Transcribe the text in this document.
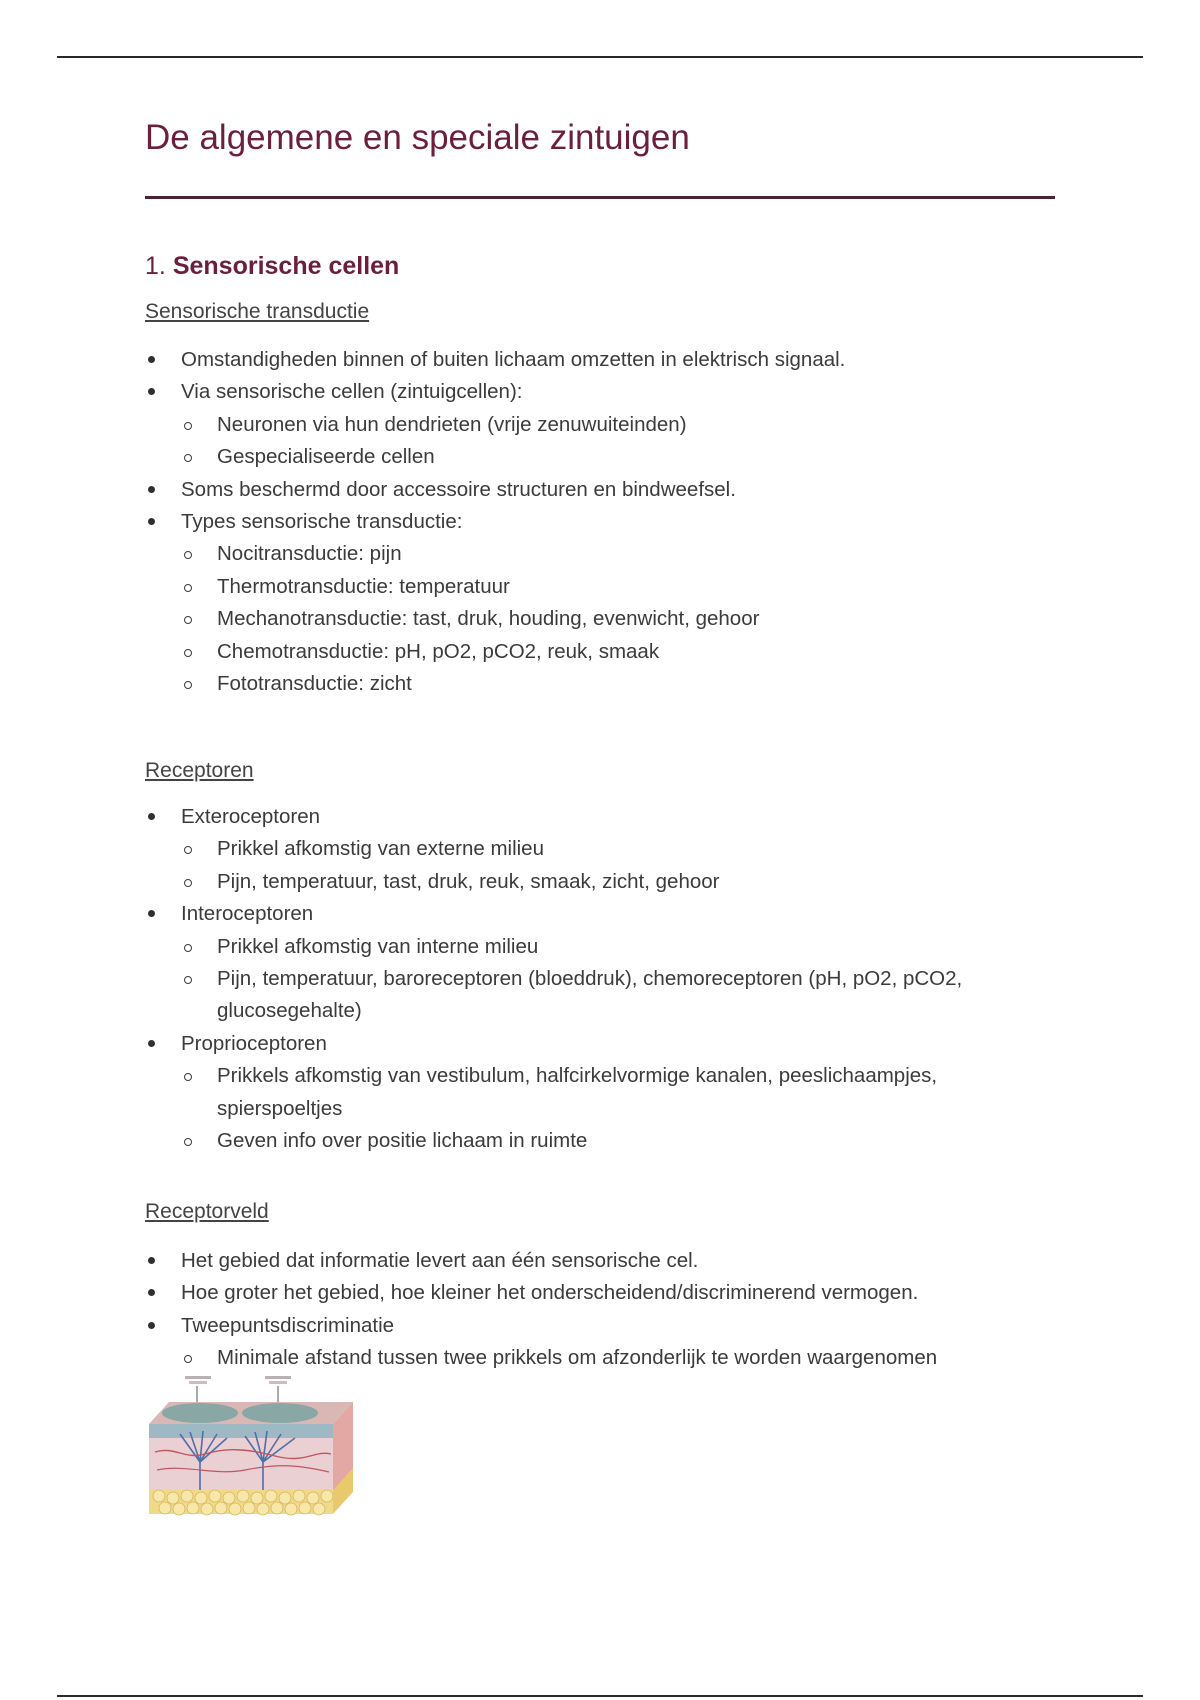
De algemene en speciale zintuigen
1. Sensorische cellen
Sensorische transductie
Omstandigheden binnen of buiten lichaam omzetten in elektrisch signaal.
Via sensorische cellen (zintuigcellen):
Neuronen via hun dendrieten (vrije zenuwuiteinden)
Gespecialiseerde cellen
Soms beschermd door accessoire structuren en bindweefsel.
Types sensorische transductie:
Nocitransductie: pijn
Thermotransductie: temperatuur
Mechanotransductie: tast, druk, houding, evenwicht, gehoor
Chemotransductie: pH, pO2, pCO2, reuk, smaak
Fototransductie: zicht
Receptoren
Exteroceptoren
Prikkel afkomstig van externe milieu
Pijn, temperatuur, tast, druk, reuk, smaak, zicht, gehoor
Interoceptoren
Prikkel afkomstig van interne milieu
Pijn, temperatuur, baroreceptoren (bloeddruk), chemoreceptoren (pH, pO2, pCO2, glucosegehalte)
Proprioceptoren
Prikkels afkomstig van vestibulum, halfcirkelvormige kanalen, peeslichaampjes, spierspoeltjes
Geven info over positie lichaam in ruimte
Receptorveld
Het gebied dat informatie levert aan één sensorische cel.
Hoe groter het gebied, hoe kleiner het onderscheidend/discriminerend vermogen.
Tweepuntsdiscriminatie
Minimale afstand tussen twee prikkels om afzonderlijk te worden waargenomen
